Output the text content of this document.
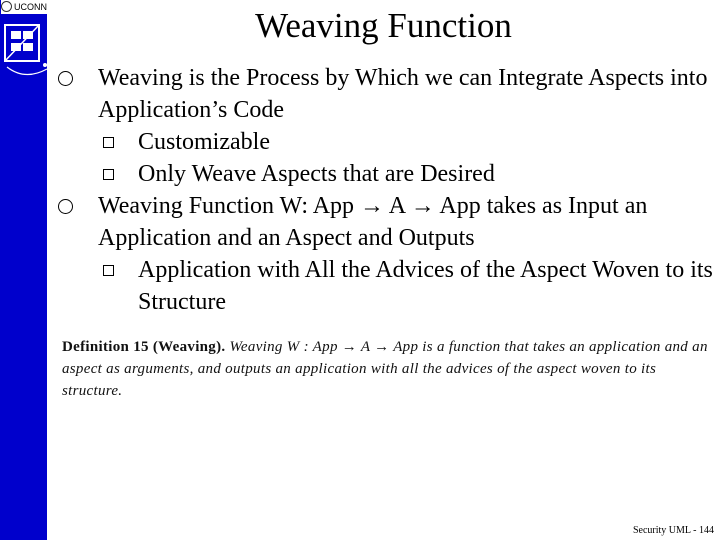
UCONN	Weaving Function
Weaving is the Process by Which we can Integrate Aspects into Application’s Code
Customizable
Only Weave Aspects that are Desired
Weaving Function W: App → A → App takes as Input an Application and an Aspect and Outputs
Application with All the Advices of the Aspect Woven to its Structure
Definition 15 (Weaving). Weaving W : App → A → App is a function that takes an application and an aspect as arguments, and outputs an application with all the advices of the aspect woven to its structure.
Security UML - 144
